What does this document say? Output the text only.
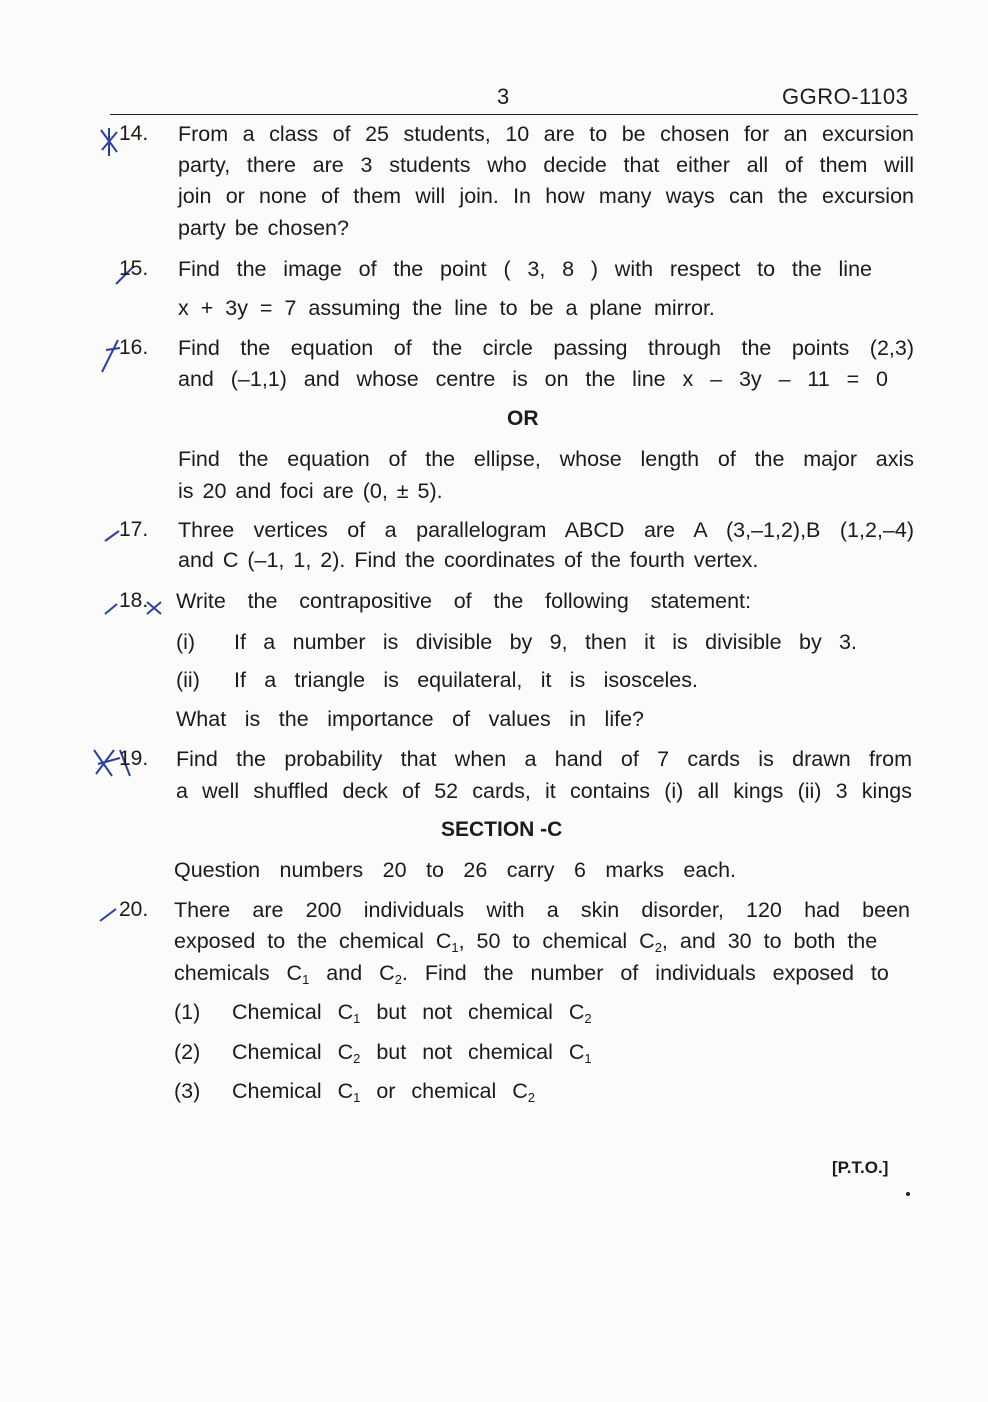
3	GGRO-1103
14. From a class of 25 students, 10 are to be chosen for an excursion
party, there are 3 students who decide that either all of them will
join or none of them will join. In how many ways can the excursion
party be chosen?
15. Find the image of the point ( 3, 8 ) with respect to the line
x + 3y = 7 assuming the line to be a plane mirror.
16. Find the equation of the circle passing through the points (2,3)
and (–1,1) and whose centre is on the line x – 3y – 11 = 0
OR
Find the equation of the ellipse, whose length of the major axis
is 20 and foci are (0, ± 5).
17. Three vertices of a parallelogram ABCD are A (3,–1,2),B (1,2,–4)
and C (–1, 1, 2). Find the coordinates of the fourth vertex.
18. Write the contrapositive of the following statement:
(i) If a number is divisible by 9, then it is divisible by 3.
(ii) If a triangle is equilateral, it is isosceles.
What is the importance of values in life?
19. Find the probability that when a hand of 7 cards is drawn from
a well shuffled deck of 52 cards, it contains (i) all kings (ii) 3 kings
SECTION -C
Question numbers 20 to 26 carry 6 marks each.
20. There are 200 individuals with a skin disorder, 120 had been
exposed to the chemical $C_1$, 50 to chemical $C_2$, and 30 to both the
chemicals $C_1$ and $C_2$. Find the number of individuals exposed to
(1) Chemical $C_1$ but not chemical $C_2$
(2) Chemical $C_2$ but not chemical $C_1$
(3) Chemical $C_1$ or chemical $C_2$
[P.T.O.]
